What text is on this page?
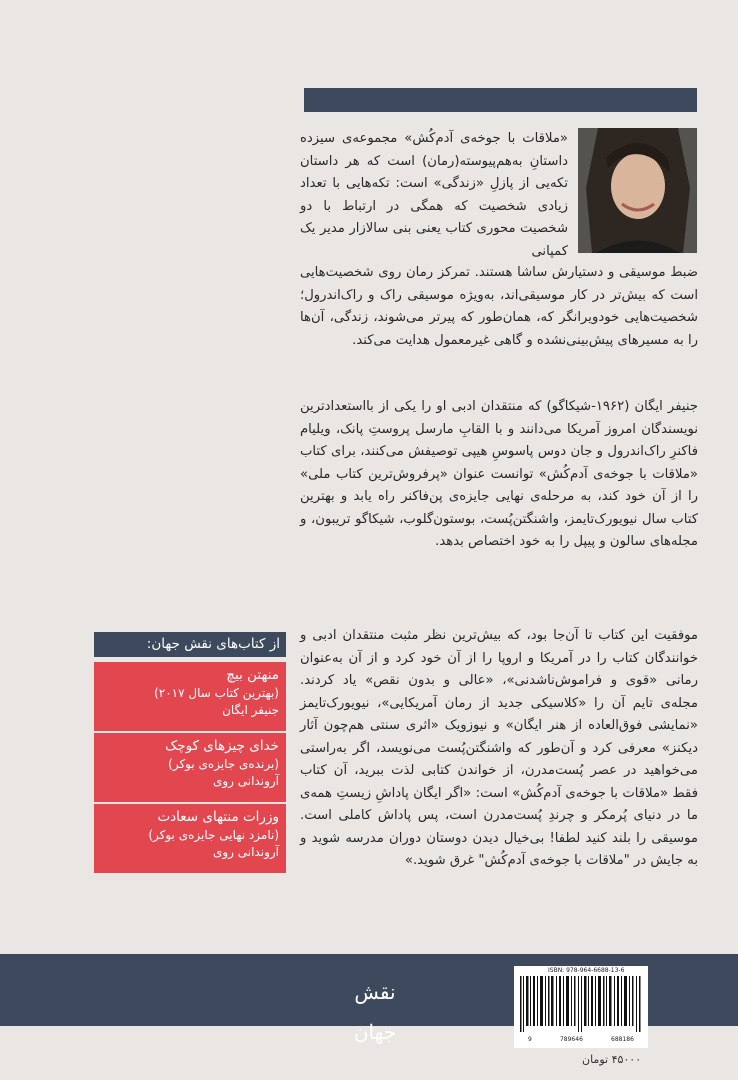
«ملاقات با جوخه‌ی آدم‌کُش» مجموعه‌ی سیزده داستانِ به‌هم‌پیوسته(رمان) است که هر داستان تکه‌یی از پازلِ «زندگی» است: تکه‌هایی با تعداد زیادی شخصیت که همگی در ارتباط با دو شخصیت محوری کتاب یعنی بنی سالازار مدیر یک کمپانی
ضبط موسیقی و دستیارش ساشا هستند. تمرکز رمان روی شخصیت‌هایی است که بیش‌تر در کار موسیقی‌اند، به‌ویژه موسیقی راک و راک‌اندرول؛ شخصیت‌هایی خودویرانگر که، همان‌طور که پیرتر می‌شوند، زندگی، آن‌ها را به مسیرهای پیش‌بینی‌نشده و گاهی غیرمعمول هدایت می‌کند.
جنیفر ایگان (۱۹۶۲-شیکاگو) که منتقدان ادبی او را یکی از بااستعدادترین نویسندگان امروز آمریکا می‌دانند و با القابِ مارسل پروستِ پانک، ویلیام فاکنرِ راک‌اندرول و جان دوس پاسوسِ هیپی توصیفش می‌کنند، برای کتاب «ملاقات با جوخه‌ی آدم‌کُش» توانست عنوان «پرفروش‌ترین کتاب ملی» را از آن خود کند، به مرحله‌ی نهایی جایزه‌ی پن‌فاکنر راه یابد و بهترین کتاب سال نیویورک‌تایمز، واشنگتن‌پُست، بوستون‌گلوب، شیکاگو تریبون، و مجله‌های سالون و پیپل را به خود اختصاص بدهد.
موفقیت این کتاب تا آن‌جا بود، که بیش‌ترین نظر مثبت منتقدان ادبی و خوانندگان کتاب را در آمریکا و اروپا را از آن خود کرد و از آن به‌عنوان رمانی «قوی و فراموش‌ناشدنی»، «عالی و بدون نقص» یاد کردند. مجله‌ی تایم آن را «کلاسیکی جدید از رمان آمریکایی»، نیویورک‌تایمز «نمایشی فوق‌العاده از هنر ایگان» و نیوزویک «اثری سنتی هم‌چون آثار دیکنز» معرفی کرد و آن‌طور که واشنگتن‌پُست می‌نویسد، اگر به‌راستی می‌خواهید در عصر پُست‌مدرن، از خواندن کتابی لذت ببرید، آن کتاب فقط «ملاقات با جوخه‌ی آدم‌کُش» است: «اگر ایگان پاداشِ زیستِ همه‌ی ما در دنیای پُرمکر و چرندِ پُست‌مدرن است، پس پاداش کاملی است. موسیقی را بلند کنید لطفا! بی‌خیال دیدن دوستان دوران مدرسه شوید و به جایش در "ملاقات با جوخه‌ی آدم‌کُش" غرق شوید.»
از کتاب‌های نقش جهان:
منهتن بیچ
(بهترین کتاب سال ۲۰۱۷)
جنیفر ایگان
خدای چیزهای کوچک
(برنده‌ی جایزه‌ی بوکر)
آروندانی روی
وزرات منتهای سعادت
(نامزد نهایی جایزه‌ی بوکر)
آروندانی روی
نقش جهان
ISBN: 978-964-6688-13-6
9	789646	688186
۴۵۰۰۰ تومان
